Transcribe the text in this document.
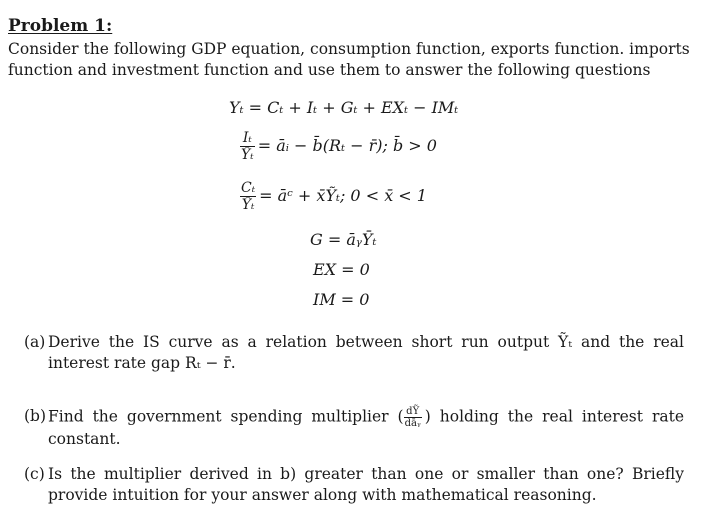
Problem 1:
Consider the following GDP equation, consumption function, exports function. imports
function and investment function and use them to answer the following questions
Yₜ = Cₜ + Iₜ + Gₜ + EXₜ − IMₜ
$\frac{\text{Iₜ}}{\text{Ȳₜ}}$ = āᵢ − b̄(Rₜ − r̄); b̄ > 0
$\frac{\text{Cₜ}}{\text{Ȳₜ}}$ = āᶜ + x̄Ỹₜ; 0 < x̄ < 1
G = āᵧȲₜ
EX = 0
IM = 0
(a) Derive the IS curve as a relation between short run output Ỹₜ and the real interest rate gap Rₜ − r̄.
(b) Find the government spending multiplier ( $\frac{\text{dỸ}}{\text{dāᵧ}}$ ) holding the real interest rate constant.
(c) Is the multiplier derived in b) greater than one or smaller than one? Briefly provide intuition for your answer along with mathematical reasoning.
